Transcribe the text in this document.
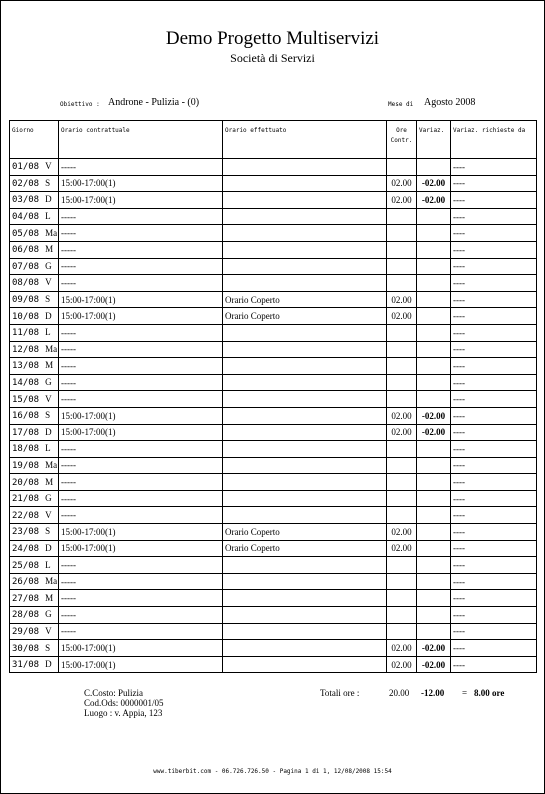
Demo Progetto Multiservizi
Società di Servizi
Obiettivo : Androne - Pulizia - (0)	Mese di Agosto 2008
Giorno	Orario contrattuale	Orario effettuato	Ore Contr.	Variaz.	Variaz. richieste da
01/08 V	-----				----
02/08 S	15:00-17:00(1)		02.00	-02.00	----
03/08 D	15:00-17:00(1)		02.00	-02.00	----
04/08 L	-----				----
05/08 Ma	-----				----
06/08 M	-----				----
07/08 G	-----				----
08/08 V	-----				----
09/08 S	15:00-17:00(1)	Orario Coperto	02.00		----
10/08 D	15:00-17:00(1)	Orario Coperto	02.00		----
11/08 L	-----				----
12/08 Ma	-----				----
13/08 M	-----				----
14/08 G	-----				----
15/08 V	-----				----
16/08 S	15:00-17:00(1)		02.00	-02.00	----
17/08 D	15:00-17:00(1)		02.00	-02.00	----
18/08 L	-----				----
19/08 Ma	-----				----
20/08 M	-----				----
21/08 G	-----				----
22/08 V	-----				----
23/08 S	15:00-17:00(1)	Orario Coperto	02.00		----
24/08 D	15:00-17:00(1)	Orario Coperto	02.00		----
25/08 L	-----				----
26/08 Ma	-----				----
27/08 M	-----				----
28/08 G	-----				----
29/08 V	-----				----
30/08 S	15:00-17:00(1)		02.00	-02.00	----
31/08 D	15:00-17:00(1)		02.00	-02.00	----
C.Costo: Pulizia
Cod.Ods: 0000001/05
Luogo : v. Appia, 123
Totali ore :	20.00 -12.00 = 8.00 ore
www.tiberbit.com - 06.726.726.50 - Pagina 1 di 1, 12/08/2008 15:54
